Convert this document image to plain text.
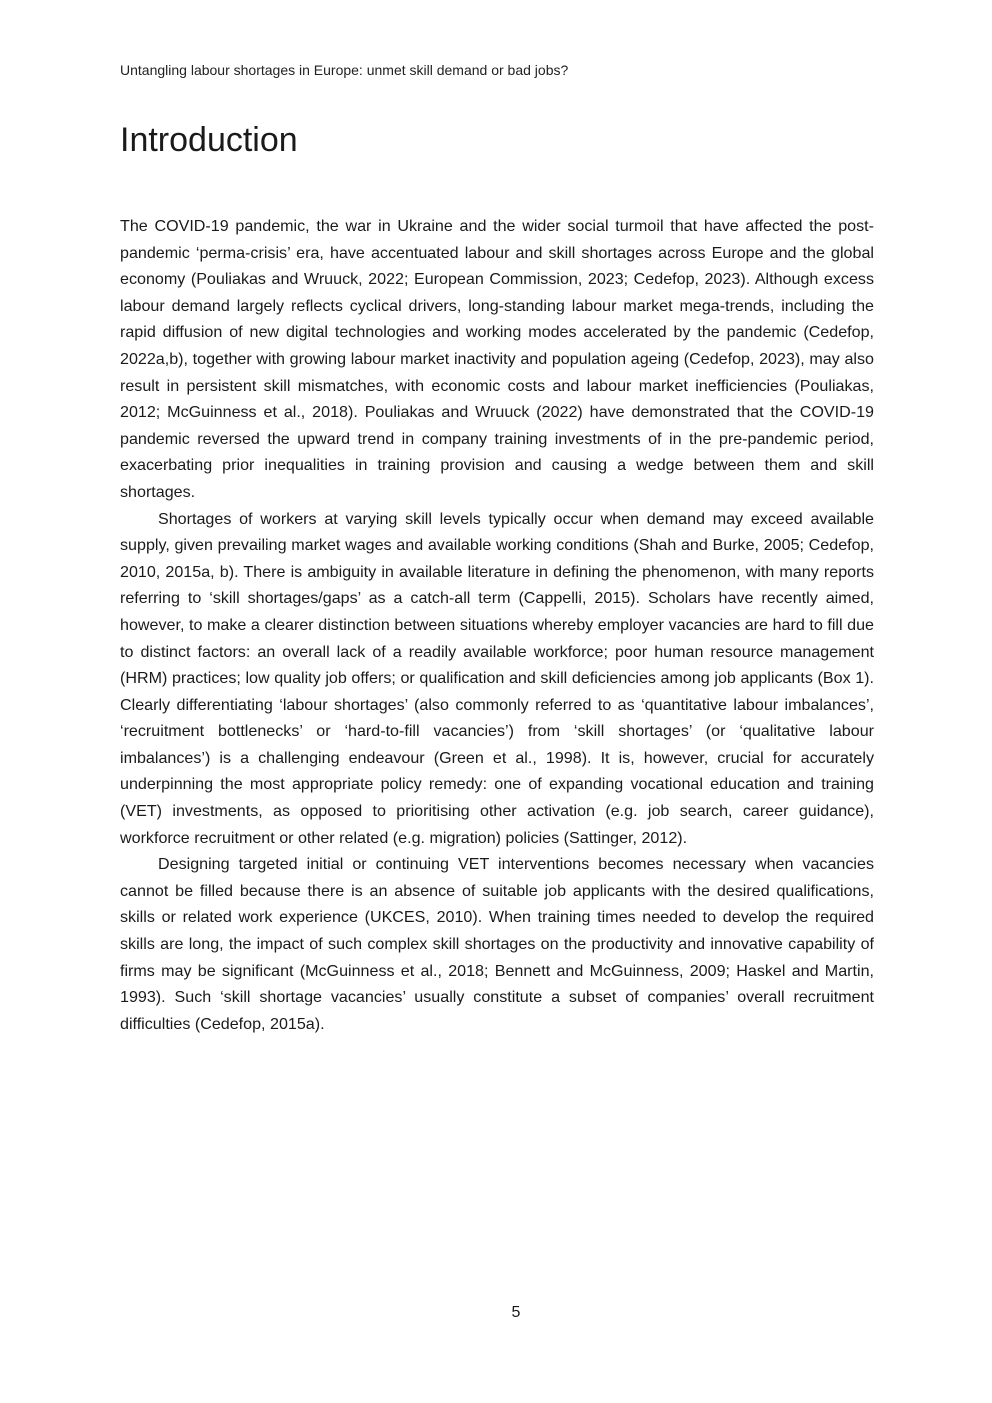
Untangling labour shortages in Europe: unmet skill demand or bad jobs?
Introduction

The COVID-19 pandemic, the war in Ukraine and the wider social turmoil that have affected the post-pandemic ‘perma-crisis’ era, have accentuated labour and skill shortages across Europe and the global economy (Pouliakas and Wruuck, 2022; European Commission, 2023; Cedefop, 2023). Although excess labour demand largely reflects cyclical drivers, long-standing labour market mega-trends, including the rapid diffusion of new digital technologies and working modes accelerated by the pandemic (Cedefop, 2022a,b), together with growing labour market inactivity and population ageing (Cedefop, 2023), may also result in persistent skill mismatches, with economic costs and labour market inefficiencies (Pouliakas, 2012; McGuinness et al., 2018). Pouliakas and Wruuck (2022) have demonstrated that the COVID-19 pandemic reversed the upward trend in company training investments of in the pre-pandemic period, exacerbating prior inequalities in training provision and causing a wedge between them and skill shortages.

Shortages of workers at varying skill levels typically occur when demand may exceed available supply, given prevailing market wages and available working conditions (Shah and Burke, 2005; Cedefop, 2010, 2015a, b). There is ambiguity in available literature in defining the phenomenon, with many reports referring to ‘skill shortages/gaps’ as a catch-all term (Cappelli, 2015). Scholars have recently aimed, however, to make a clearer distinction between situations whereby employer vacancies are hard to fill due to distinct factors: an overall lack of a readily available workforce; poor human resource management (HRM) practices; low quality job offers; or qualification and skill deficiencies among job applicants (Box 1). Clearly differentiating ‘labour shortages’ (also commonly referred to as ‘quantitative labour imbalances’, ‘recruitment bottlenecks’ or ‘hard-to-fill vacancies’) from ‘skill shortages’ (or ‘qualitative labour imbalances’) is a challenging endeavour (Green et al., 1998). It is, however, crucial for accurately underpinning the most appropriate policy remedy: one of expanding vocational education and training (VET) investments, as opposed to prioritising other activation (e.g. job search, career guidance), workforce recruitment or other related (e.g. migration) policies (Sattinger, 2012).

Designing targeted initial or continuing VET interventions becomes necessary when vacancies cannot be filled because there is an absence of suitable job applicants with the desired qualifications, skills or related work experience (UKCES, 2010). When training times needed to develop the required skills are long, the impact of such complex skill shortages on the productivity and innovative capability of firms may be significant (McGuinness et al., 2018; Bennett and McGuinness, 2009; Haskel and Martin, 1993). Such ‘skill shortage vacancies’ usually constitute a subset of companies’ overall recruitment difficulties (Cedefop, 2015a).

5
